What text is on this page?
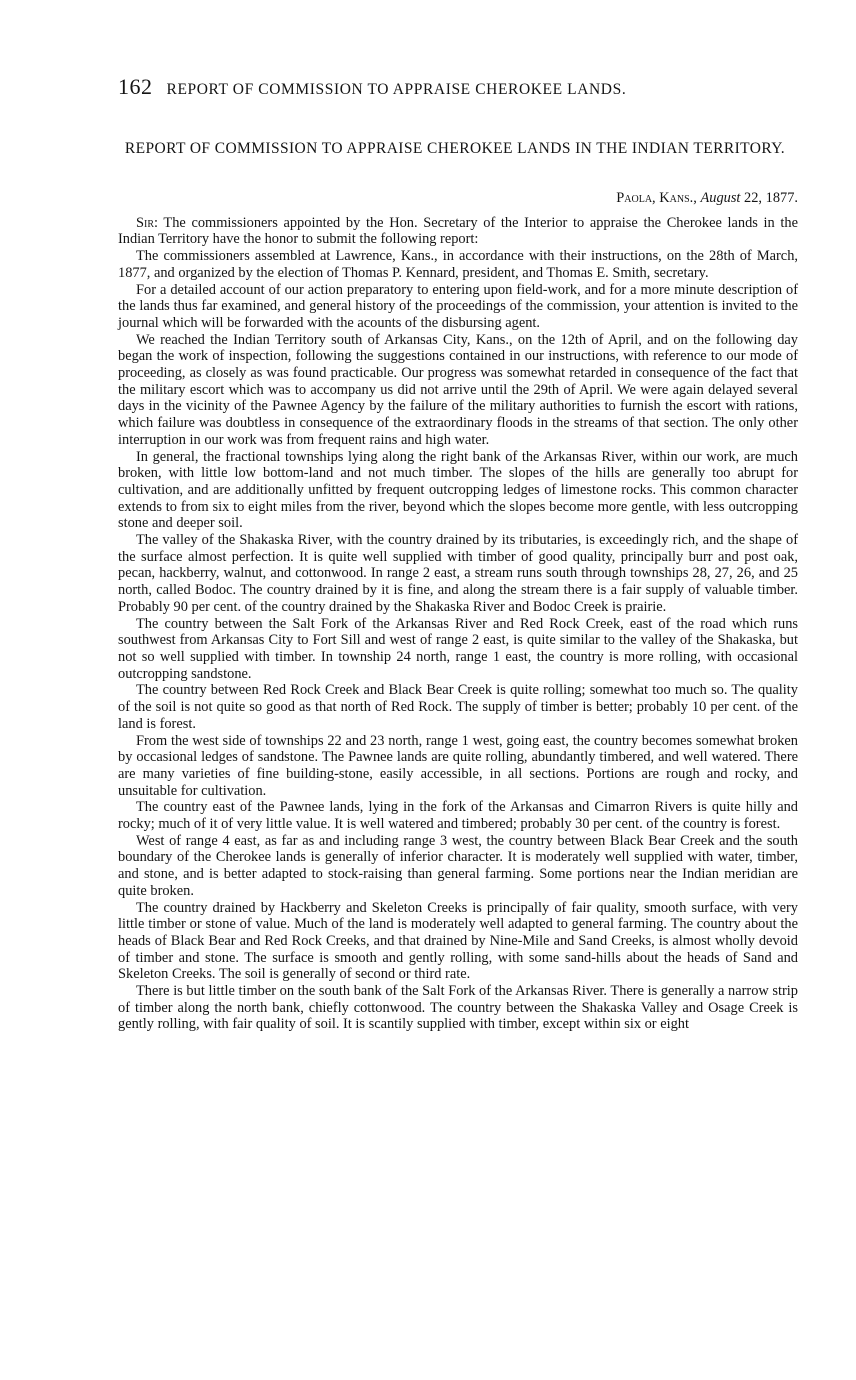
162 REPORT OF COMMISSION TO APPRAISE CHEROKEE LANDS.
REPORT OF COMMISSION TO APPRAISE CHEROKEE LANDS IN THE INDIAN TERRITORY.
Paola, Kans., August 22, 1877.

Sir: The commissioners appointed by the Hon. Secretary of the Interior to appraise the Cherokee lands in the Indian Territory have the honor to submit the following report:

The commissioners assembled at Lawrence, Kans., in accordance with their instructions, on the 28th of March, 1877, and organized by the election of Thomas P. Kennard, president, and Thomas E. Smith, secretary.

For a detailed account of our action preparatory to entering upon field-work, and for a more minute description of the lands thus far examined, and general history of the proceedings of the commission, your attention is invited to the journal which will be forwarded with the acounts of the disbursing agent.

We reached the Indian Territory south of Arkansas City, Kans., on the 12th of April, and on the following day began the work of inspection, following the suggestions contained in our instructions, with reference to our mode of proceeding, as closely as was found practicable. Our progress was somewhat retarded in consequence of the fact that the military escort which was to accompany us did not arrive until the 29th of April. We were again delayed several days in the vicinity of the Pawnee Agency by the failure of the military authorities to furnish the escort with rations, which failure was doubtless in consequence of the extraordinary floods in the streams of that section. The only other interruption in our work was from frequent rains and high water.

In general, the fractional townships lying along the right bank of the Arkansas River, within our work, are much broken, with little low bottom-land and not much timber. The slopes of the hills are generally too abrupt for cultivation, and are additionally unfitted by frequent outcropping ledges of limestone rocks. This common character extends to from six to eight miles from the river, beyond which the slopes become more gentle, with less outcropping stone and deeper soil.

The valley of the Shakaska River, with the country drained by its tributaries, is exceedingly rich, and the shape of the surface almost perfection. It is quite well supplied with timber of good quality, principally burr and post oak, pecan, hackberry, walnut, and cottonwood. In range 2 east, a stream runs south through townships 28, 27, 26, and 25 north, called Bodoc. The country drained by it is fine, and along the stream there is a fair supply of valuable timber. Probably 90 per cent. of the country drained by the Shakaska River and Bodoc Creek is prairie.

The country between the Salt Fork of the Arkansas River and Red Rock Creek, east of the road which runs southwest from Arkansas City to Fort Sill and west of range 2 east, is quite similar to the valley of the Shakaska, but not so well supplied with timber. In township 24 north, range 1 east, the country is more rolling, with occasional outcropping sandstone.

The country between Red Rock Creek and Black Bear Creek is quite rolling; somewhat too much so. The quality of the soil is not quite so good as that north of Red Rock. The supply of timber is better; probably 10 per cent. of the land is forest.

From the west side of townships 22 and 23 north, range 1 west, going east, the country becomes somewhat broken by occasional ledges of sandstone. The Pawnee lands are quite rolling, abundantly timbered, and well watered. There are many varieties of fine building-stone, easily accessible, in all sections. Portions are rough and rocky, and unsuitable for cultivation.

The country east of the Pawnee lands, lying in the fork of the Arkansas and Cimarron Rivers is quite hilly and rocky; much of it of very little value. It is well watered and timbered; probably 30 per cent. of the country is forest.

West of range 4 east, as far as and including range 3 west, the country between Black Bear Creek and the south boundary of the Cherokee lands is generally of inferior character. It is moderately well supplied with water, timber, and stone, and is better adapted to stock-raising than general farming. Some portions near the Indian meridian are quite broken.

The country drained by Hackberry and Skeleton Creeks is principally of fair quality, smooth surface, with very little timber or stone of value. Much of the land is moderately well adapted to general farming. The country about the heads of Black Bear and Red Rock Creeks, and that drained by Nine-Mile and Sand Creeks, is almost wholly devoid of timber and stone. The surface is smooth and gently rolling, with some sand-hills about the heads of Sand and Skeleton Creeks. The soil is generally of second or third rate.

There is but little timber on the south bank of the Salt Fork of the Arkansas River. There is generally a narrow strip of timber along the north bank, chiefly cottonwood. The country between the Shakaska Valley and Osage Creek is gently rolling, with fair quality of soil. It is scantily supplied with timber, except within six or eight
